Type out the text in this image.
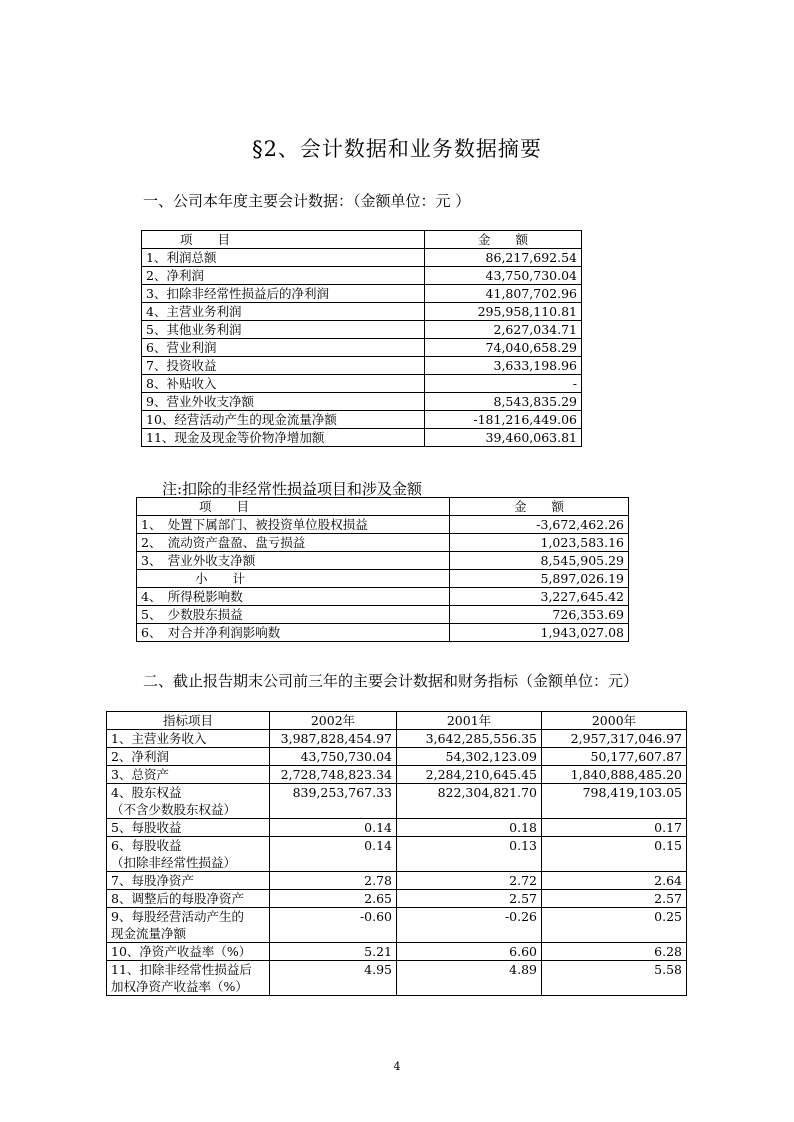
§2、会计数据和业务数据摘要
一、公司本年度主要会计数据：（金额单位：元 ）
项　　目	金　　额
1、利润总额	86,217,692.54
2、净利润	43,750,730.04
3、扣除非经常性损益后的净利润	41,807,702.96
4、主营业务利润	295,958,110.81
5、其他业务利润	2,627,034.71
6、营业利润	74,040,658.29
7、投资收益	3,633,198.96
8、补贴收入	-
9、营业外收支净额	8,543,835.29
10、经营活动产生的现金流量净额	-181,216,449.06
11、现金及现金等价物净增加额	39,460,063.81
注:扣除的非经常性损益项目和涉及金额
项　　目	金　　额
1、　处置下属部门、被投资单位股权损益	-3,672,462.26
2、　流动资产盘盈、盘亏损益	1,023,583.16
3、　营业外收支净额	8,545,905.29
小　　计	5,897,026.19
4、　所得税影响数	3,227,645.42
5、　少数股东损益	726,353.69
6、　对合并净利润影响数	1,943,027.08
二、截止报告期末公司前三年的主要会计数据和财务指标（金额单位：元）
指标项目	2002年	2001年	2000年

1、主营业务收入	3,987,828,454.97	3,642,285,556.35	2,957,317,046.97

2、净利润	43,750,730.04	54,302,123.09	50,177,607.87

3、总资产	2,728,748,823.34	2,284,210,645.45	1,840,888,485.20

4、股东权益
（不含少数股东权益）	839,253,767.33	822,304,821.70	798,419,103.05

5、每股收益	0.14	0.18	0.17

6、每股收益
（扣除非经常性损益）	0.14	0.13	0.15

7、每股净资产	2.78	2.72	2.64

8、调整后的每股净资产	2.65	2.57	2.57

9、每股经营活动产生的
现金流量净额	-0.60	-0.26	0.25

10、净资产收益率（%）	5.21	6.60	6.28

11、扣除非经常性损益后
加权净资产收益率（%）	4.95	4.89	5.58
4
